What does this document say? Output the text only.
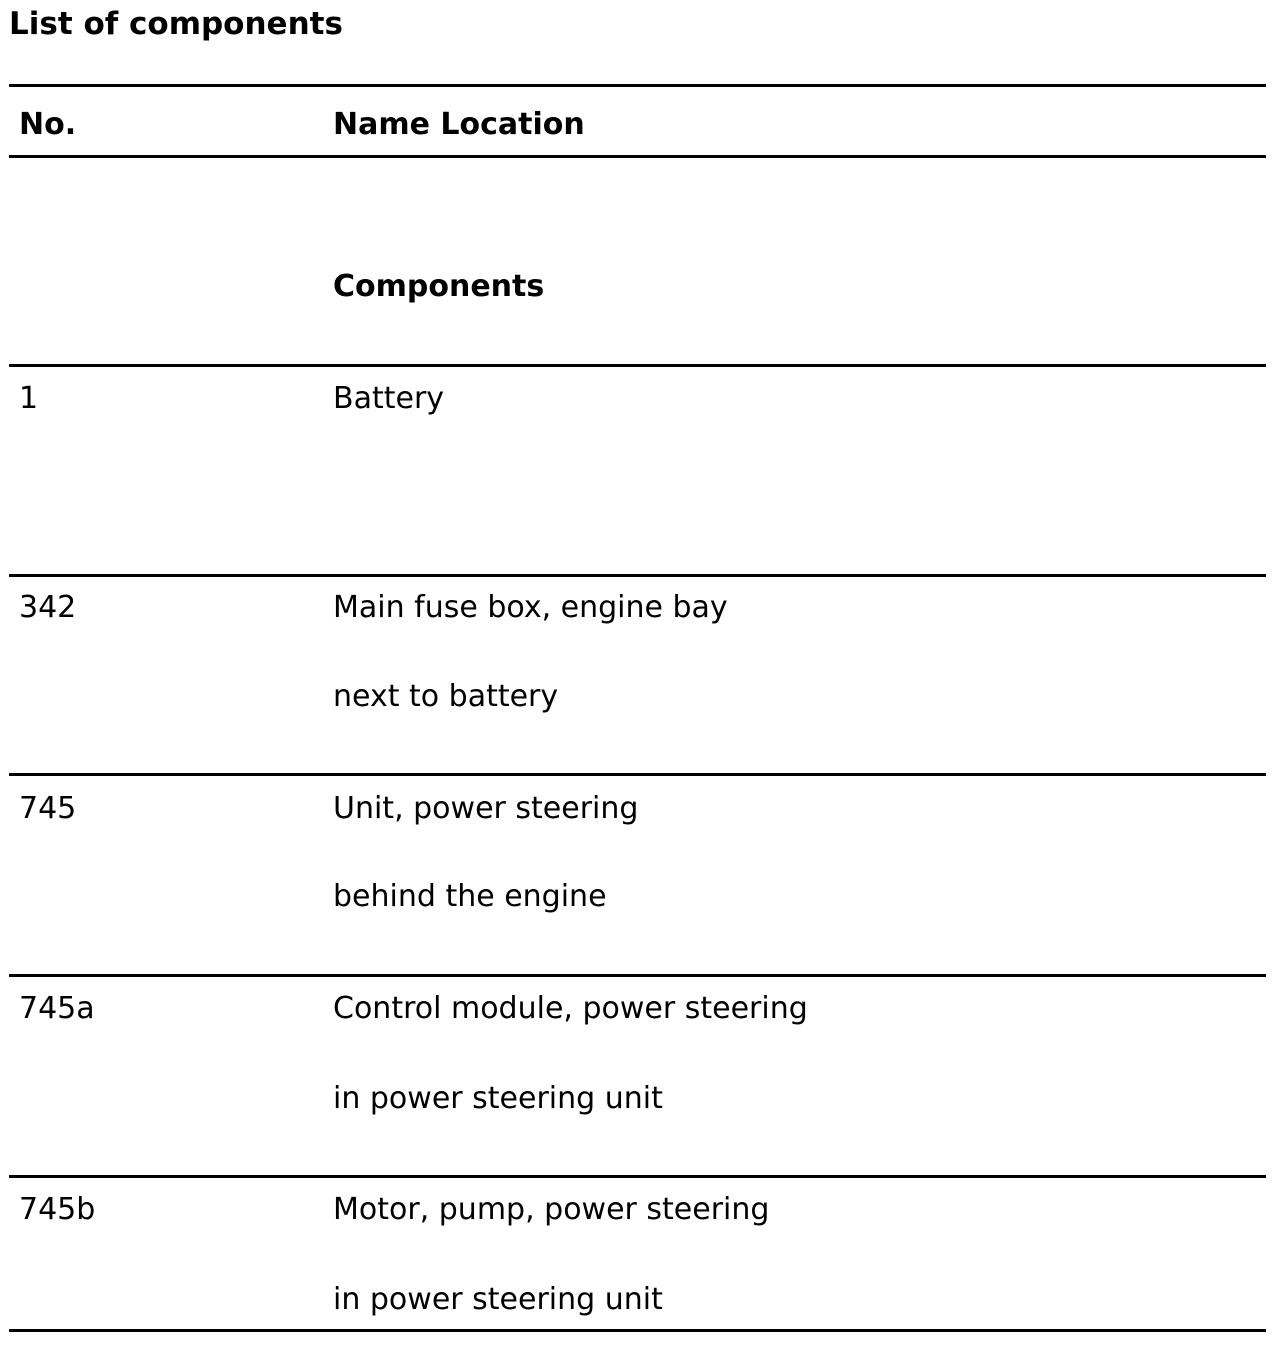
List of components
No.	Name Location
Components
1	Battery
342	Main fuse box, engine bay
next to battery
745	Unit, power steering
behind the engine
745a	Control module, power steering
in power steering unit
745b	Motor, pump, power steering
in power steering unit
